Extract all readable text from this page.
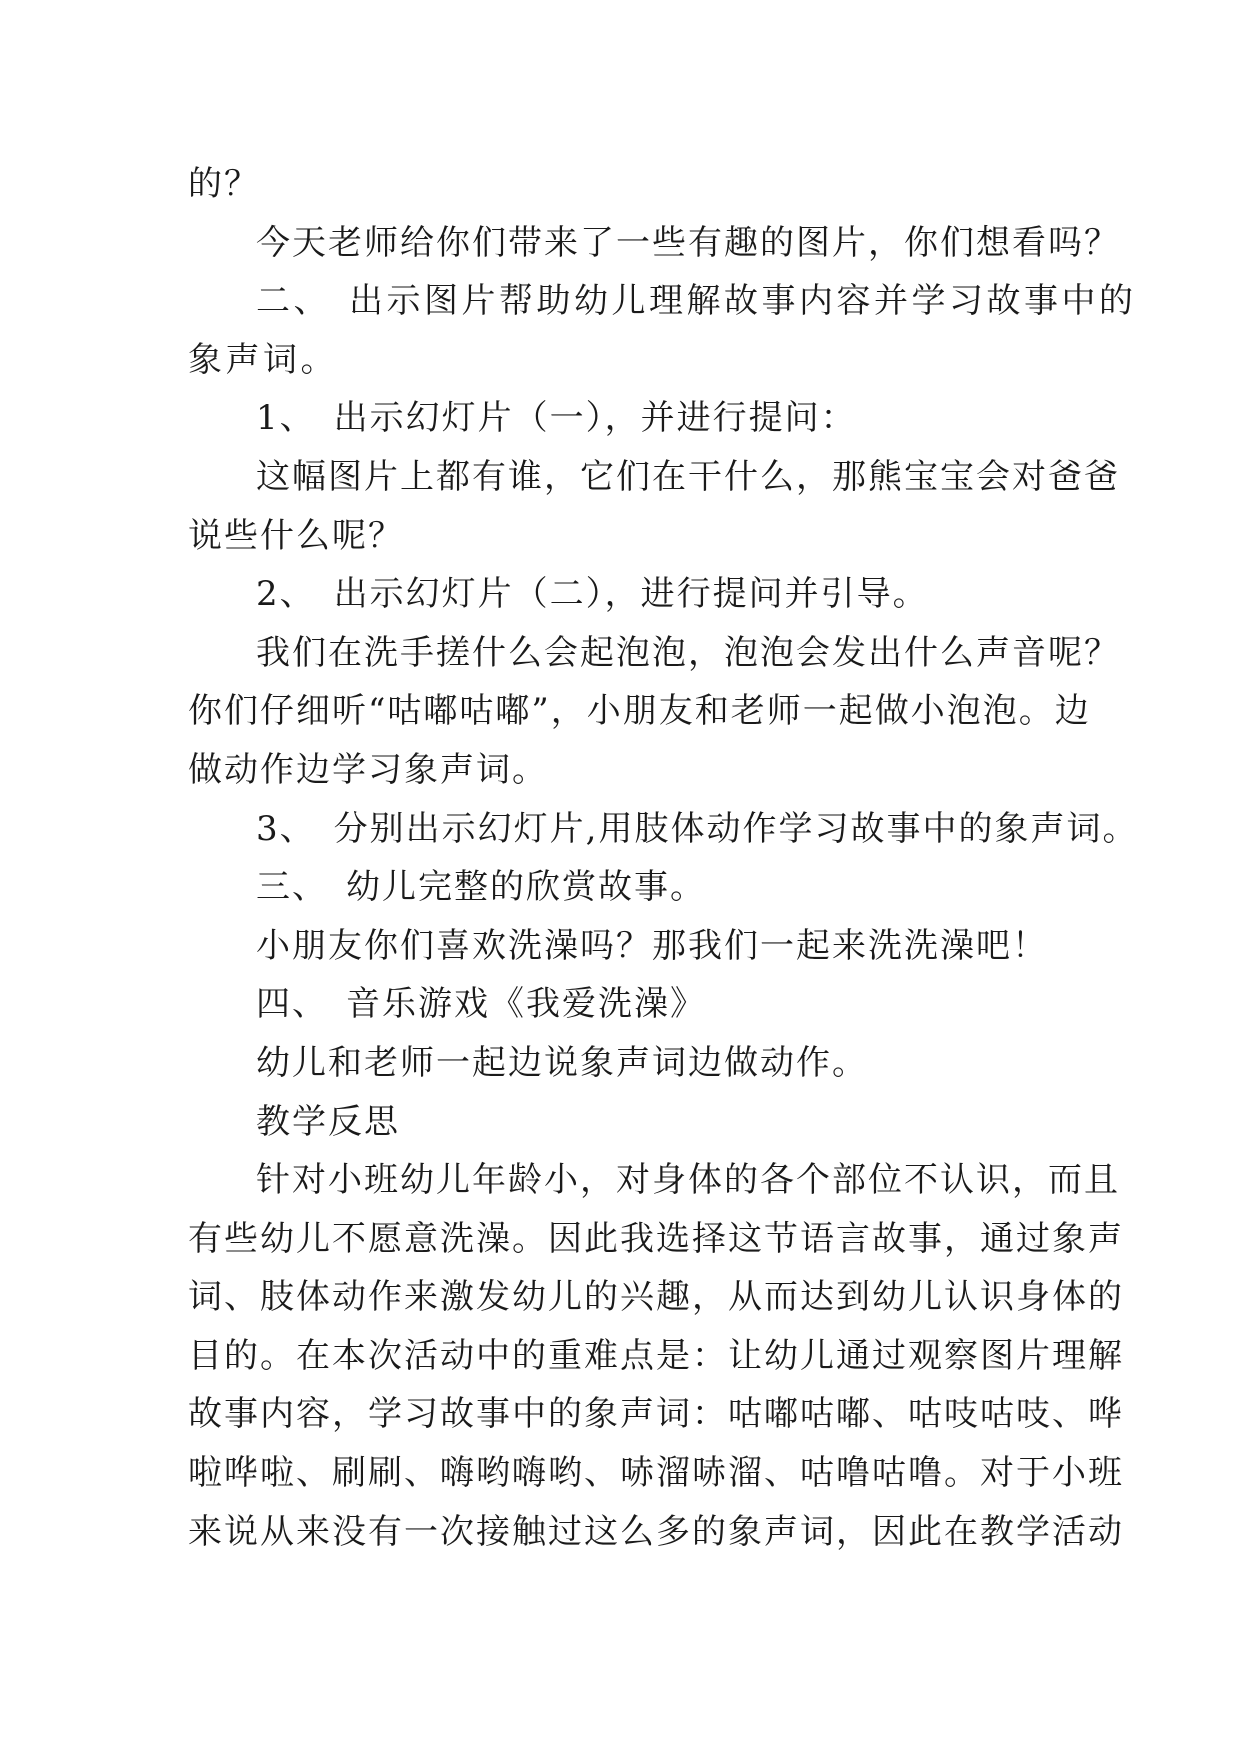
的？
今天老师给你们带来了一些有趣的图片，你们想看吗？
二、 出示图片帮助幼儿理解故事内容并学习故事中的
象声词。
1、 出示幻灯片（一），并进行提问：
这幅图片上都有谁，它们在干什么，那熊宝宝会对爸爸
说些什么呢？
2、 出示幻灯片（二），进行提问并引导。
我们在洗手搓什么会起泡泡，泡泡会发出什么声音呢？
你们仔细听“咕嘟咕嘟”，小朋友和老师一起做小泡泡。边
做动作边学习象声词。
3、 分别出示幻灯片,用肢体动作学习故事中的象声词。
三、 幼儿完整的欣赏故事。
小朋友你们喜欢洗澡吗？那我们一起来洗洗澡吧！
四、 音乐游戏《我爱洗澡》
幼儿和老师一起边说象声词边做动作。
教学反思
针对小班幼儿年龄小，对身体的各个部位不认识，而且
有些幼儿不愿意洗澡。因此我选择这节语言故事，通过象声
词、肢体动作来激发幼儿的兴趣，从而达到幼儿认识身体的
目的。在本次活动中的重难点是：让幼儿通过观察图片理解
故事内容，学习故事中的象声词：咕嘟咕嘟、咕吱咕吱、哗
啦哗啦、刷刷、嗨哟嗨哟、哧溜哧溜、咕噜咕噜。对于小班
来说从来没有一次接触过这么多的象声词，因此在教学活动
